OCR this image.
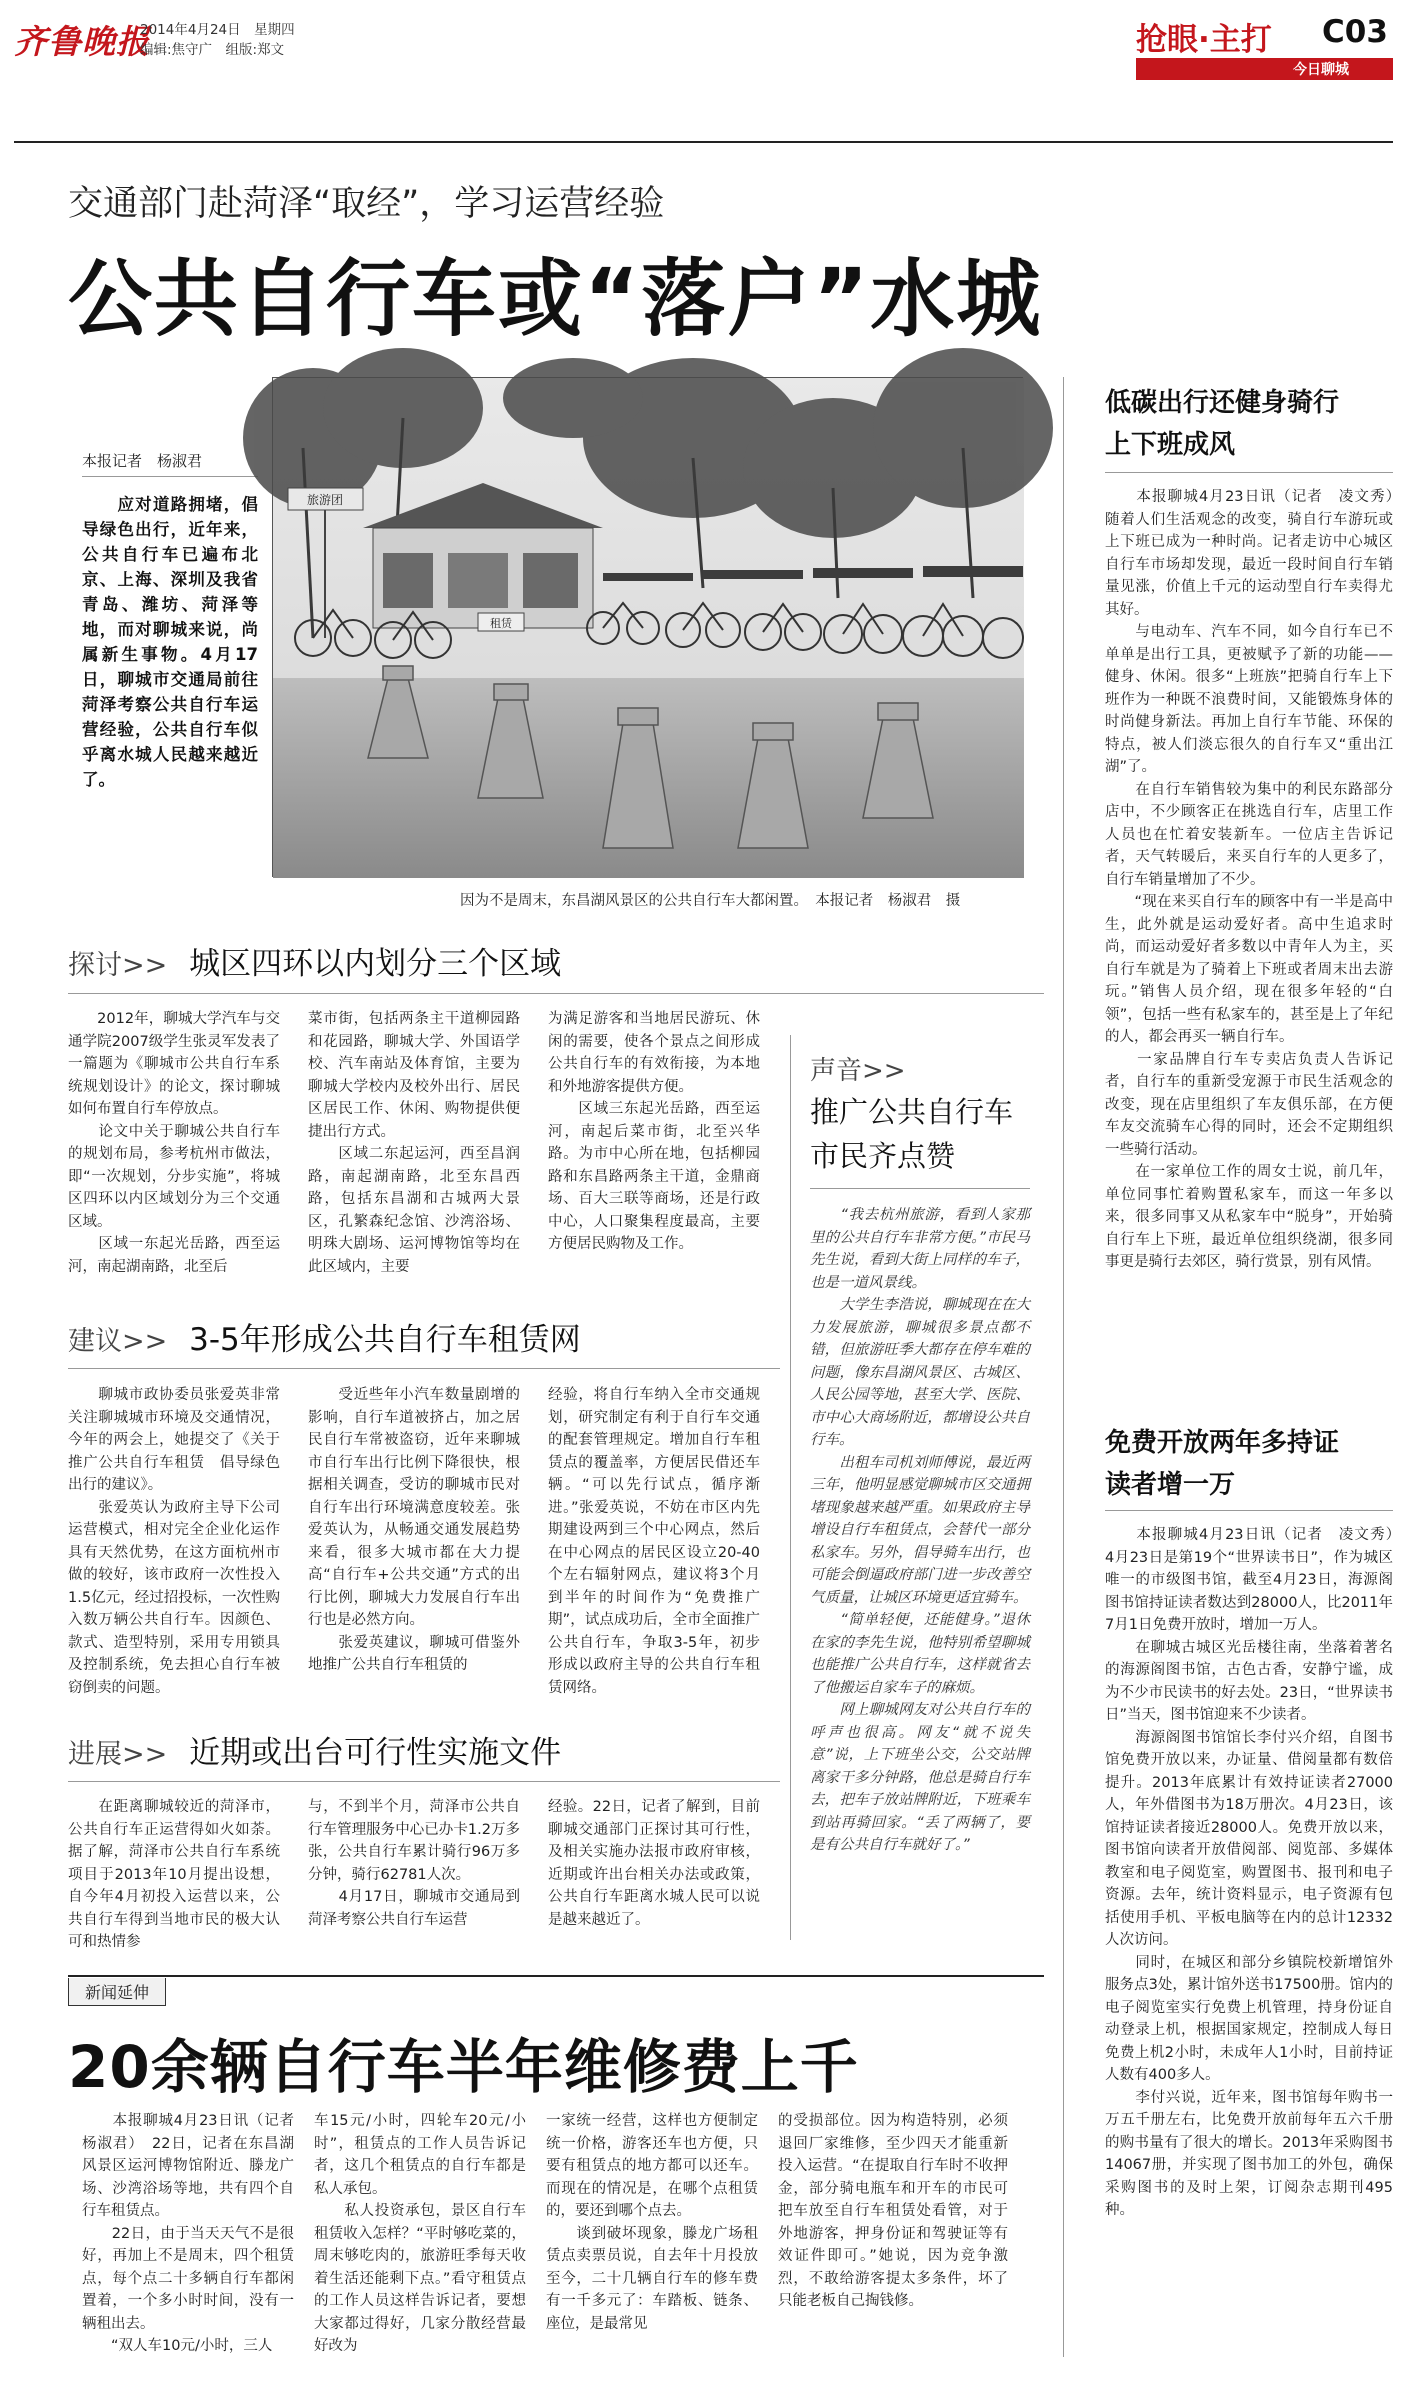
齐鲁晚报
2014年4月24日　星期四
编辑:焦守广　组版:郑文	抢眼·主打 C03
今日聊城
交通部门赴菏泽“取经”，学习运营经验
公共自行车或“落户”水城
本报记者　杨淑君
　　应对道路拥堵，倡导绿色出行，近年来，公共自行车已遍布北京、上海、深圳及我省青岛、潍坊、菏泽等地，而对聊城来说，尚属新生事物。4月17日，聊城市交通局前往菏泽考察公共自行车运营经验，公共自行车似乎离水城人民越来越近了。
租赁
旅游团
因为不是周末，东昌湖风景区的公共自行车大都闲置。　本报记者　杨淑君　摄
探讨>> 城区四环以内划分三个区域
　　2012年，聊城大学汽车与交通学院2007级学生张灵军发表了一篇题为《聊城市公共自行车系统规划设计》的论文，探讨聊城如何布置自行车停放点。
　　论文中关于聊城公共自行车的规划布局，参考杭州市做法，即“一次规划，分步实施”，将城区四环以内区域划分为三个交通区域。
　　区域一东起光岳路，西至运河，南起湖南路，北至后
菜市街，包括两条主干道柳园路和花园路，聊城大学、外国语学校、汽车南站及体育馆，主要为聊城大学校内及校外出行、居民区居民工作、休闲、购物提供便捷出行方式。
　　区域二东起运河，西至昌润路，南起湖南路，北至东昌西路，包括东昌湖和古城两大景区，孔繁森纪念馆、沙湾浴场、明珠大剧场、运河博物馆等均在此区域内，主要
为满足游客和当地居民游玩、休闲的需要，使各个景点之间形成公共自行车的有效衔接，为本地和外地游客提供方便。
　　区域三东起光岳路，西至运河，南起后菜市街，北至兴华路。为市中心所在地，包括柳园路和东昌路两条主干道，金鼎商场、百大三联等商场，还是行政中心，人口聚集程度最高，主要方便居民购物及工作。
建议>> 3-5年形成公共自行车租赁网
　　聊城市政协委员张爱英非常关注聊城城市环境及交通情况，今年的两会上，她提交了《关于推广公共自行车租赁　倡导绿色出行的建议》。
　　张爱英认为政府主导下公司运营模式，相对完全企业化运作具有天然优势，在这方面杭州市做的较好，该市政府一次性投入1.5亿元，经过招投标，一次性购入数万辆公共自行车。因颜色、款式、造型特别，采用专用锁具及控制系统，免去担心自行车被窃倒卖的问题。
　　受近些年小汽车数量剧增的影响，自行车道被挤占，加之居民自行车常被盗窃，近年来聊城市自行车出行比例下降很快，根据相关调查，受访的聊城市民对自行车出行环境满意度较差。张爱英认为，从畅通交通发展趋势来看，很多大城市都在大力提高“自行车+公共交通”方式的出行比例，聊城大力发展自行车出行也是必然方向。
　　张爱英建议，聊城可借鉴外地推广公共自行车租赁的
经验，将自行车纳入全市交通规划，研究制定有利于自行车交通的配套管理规定。增加自行车租赁点的覆盖率，方便居民借还车辆。“可以先行试点，循序渐进。”张爱英说，不妨在市区内先期建设两到三个中心网点，然后在中心网点的居民区设立20-40个左右辐射网点，建议将3个月到半年的时间作为“免费推广期”，试点成功后，全市全面推广公共自行车，争取3-5年，初步形成以政府主导的公共自行车租赁网络。
声音>>
推广公共自行车市民齐点赞
　　“我去杭州旅游，看到人家那里的公共自行车非常方便。”市民马先生说，看到大街上同样的车子，也是一道风景线。
　　大学生李浩说，聊城现在在大力发展旅游，聊城很多景点都不错，但旅游旺季大都存在停车难的问题，像东昌湖风景区、古城区、人民公园等地，甚至大学、医院、市中心大商场附近，都增设公共自行车。
　　出租车司机刘师傅说，最近两三年，他明显感觉聊城市区交通拥堵现象越来越严重。如果政府主导增设自行车租赁点，会替代一部分私家车。另外，倡导骑车出行，也可能会倒逼政府部门进一步改善空气质量，让城区环境更适宜骑车。
　　“简单轻便，还能健身。”退休在家的李先生说，他特别希望聊城也能推广公共自行车，这样就省去了他搬运自家车子的麻烦。
　　网上聊城网友对公共自行车的呼声也很高。网友“就不说失意”说，上下班坐公交，公交站牌离家干多分钟路，他总是骑自行车去，把车子放站牌附近，下班乘车到站再骑回家。“丢了两辆了，要是有公共自行车就好了。”
进展>> 近期或出台可行性实施文件
　　在距离聊城较近的菏泽市，公共自行车正运营得如火如荼。据了解，菏泽市公共自行车系统项目于2013年10月提出设想，自今年4月初投入运营以来，公共自行车得到当地市民的极大认可和热情参
与，不到半个月，菏泽市公共自行车管理服务中心已办卡1.2万多张，公共自行车累计骑行96万多分钟，骑行62781人次。
　　4月17日，聊城市交通局到菏泽考察公共自行车运营
经验。22日，记者了解到，目前聊城交通部门正探讨其可行性，及相关实施办法报市政府审核，近期或许出台相关办法或政策，公共自行车距离水城人民可以说是越来越近了。
新闻延伸
20余辆自行车半年维修费上千
　　本报聊城4月23日讯（记者　杨淑君）　22日，记者在东昌湖风景区运河博物馆附近、滕龙广场、沙湾浴场等地，共有四个自行车租赁点。
　　22日，由于当天天气不是很好，再加上不是周末，四个租赁点，每个点二十多辆自行车都闲置着，一个多小时时间，没有一辆租出去。
　　“双人车10元/小时，三人
车15元/小时，四轮车20元/小时”，租赁点的工作人员告诉记者，这几个租赁点的自行车都是私人承包。
　　私人投资承包，景区自行车租赁收入怎样？“平时够吃菜的，周末够吃肉的，旅游旺季每天收着生活还能剩下点。”看守租赁点的工作人员这样告诉记者，要想大家都过得好，几家分散经营最好改为
一家统一经营，这样也方便制定统一价格，游客还车也方便，只要有租赁点的地方都可以还车。而现在的情况是，在哪个点租赁的，要还到哪个点去。
　　谈到破坏现象，滕龙广场租赁点卖票员说，自去年十月投放至今，二十几辆自行车的修车费有一千多元了：车踏板、链条、座位，是最常见
的受损部位。因为构造特别，必须退回厂家维修，至少四天才能重新投入运营。“在提取自行车时不收押金，部分骑电瓶车和开车的市民可把车放至自行车租赁处看管，对于外地游客，押身份证和驾驶证等有效证件即可。”她说，因为竞争激烈，不敢给游客提太多条件，坏了只能老板自己掏钱修。
低碳出行还健身骑行上下班成风
　　本报聊城4月23日讯（记者　凌文秀）　随着人们生活观念的改变，骑自行车游玩或上下班已成为一种时尚。记者走访中心城区自行车市场却发现，最近一段时间自行车销量见涨，价值上千元的运动型自行车卖得尤其好。
　　与电动车、汽车不同，如今自行车已不单单是出行工具，更被赋予了新的功能——健身、休闲。很多“上班族”把骑自行车上下班作为一种既不浪费时间，又能锻炼身体的时尚健身新法。再加上自行车节能、环保的特点，被人们淡忘很久的自行车又“重出江湖”了。
　　在自行车销售较为集中的利民东路部分店中，不少顾客正在挑选自行车，店里工作人员也在忙着安装新车。一位店主告诉记者，天气转暖后，来买自行车的人更多了，自行车销量增加了不少。
　　“现在来买自行车的顾客中有一半是高中生，此外就是运动爱好者。高中生追求时尚，而运动爱好者多数以中青年人为主，买自行车就是为了骑着上下班或者周末出去游玩。”销售人员介绍，现在很多年轻的“白领”，包括一些有私家车的，甚至是上了年纪的人，都会再买一辆自行车。
　　一家品牌自行车专卖店负责人告诉记者，自行车的重新受宠源于市民生活观念的改变，现在店里组织了车友俱乐部，在方便车友交流骑车心得的同时，还会不定期组织一些骑行活动。
　　在一家单位工作的周女士说，前几年，单位同事忙着购置私家车，而这一年多以来，很多同事又从私家车中“脱身”，开始骑自行车上下班，最近单位组织绕湖，很多同事更是骑行去郊区，骑行赏景，别有风情。
免费开放两年多持证读者增一万
　　本报聊城4月23日讯（记者　凌文秀）　4月23日是第19个“世界读书日”，作为城区唯一的市级图书馆，截至4月23日，海源阁图书馆持证读者数达到28000人，比2011年7月1日免费开放时，增加一万人。
　　在聊城古城区光岳楼往南，坐落着著名的海源阁图书馆，古色古香，安静宁谧，成为不少市民读书的好去处。23日，“世界读书日”当天，图书馆迎来不少读者。
　　海源阁图书馆馆长李付兴介绍，自图书馆免费开放以来，办证量、借阅量都有数倍提升。2013年底累计有效持证读者27000人，年外借图书为18万册次。4月23日，该馆持证读者接近28000人。免费开放以来，图书馆向读者开放借阅部、阅览部、多媒体教室和电子阅览室，购置图书、报刊和电子资源。去年，统计资料显示，电子资源有包括使用手机、平板电脑等在内的总计12332人次访问。
　　同时，在城区和部分乡镇院校新增馆外服务点3处，累计馆外送书17500册。馆内的电子阅览室实行免费上机管理，持身份证自动登录上机，根据国家规定，控制成人每日免费上机2小时，未成年人1小时，目前持证人数有400多人。
　　李付兴说，近年来，图书馆每年购书一万五千册左右，比免费开放前每年五六千册的购书量有了很大的增长。2013年采购图书14067册，并实现了图书加工的外包，确保采购图书的及时上架，订阅杂志期刊495种。
